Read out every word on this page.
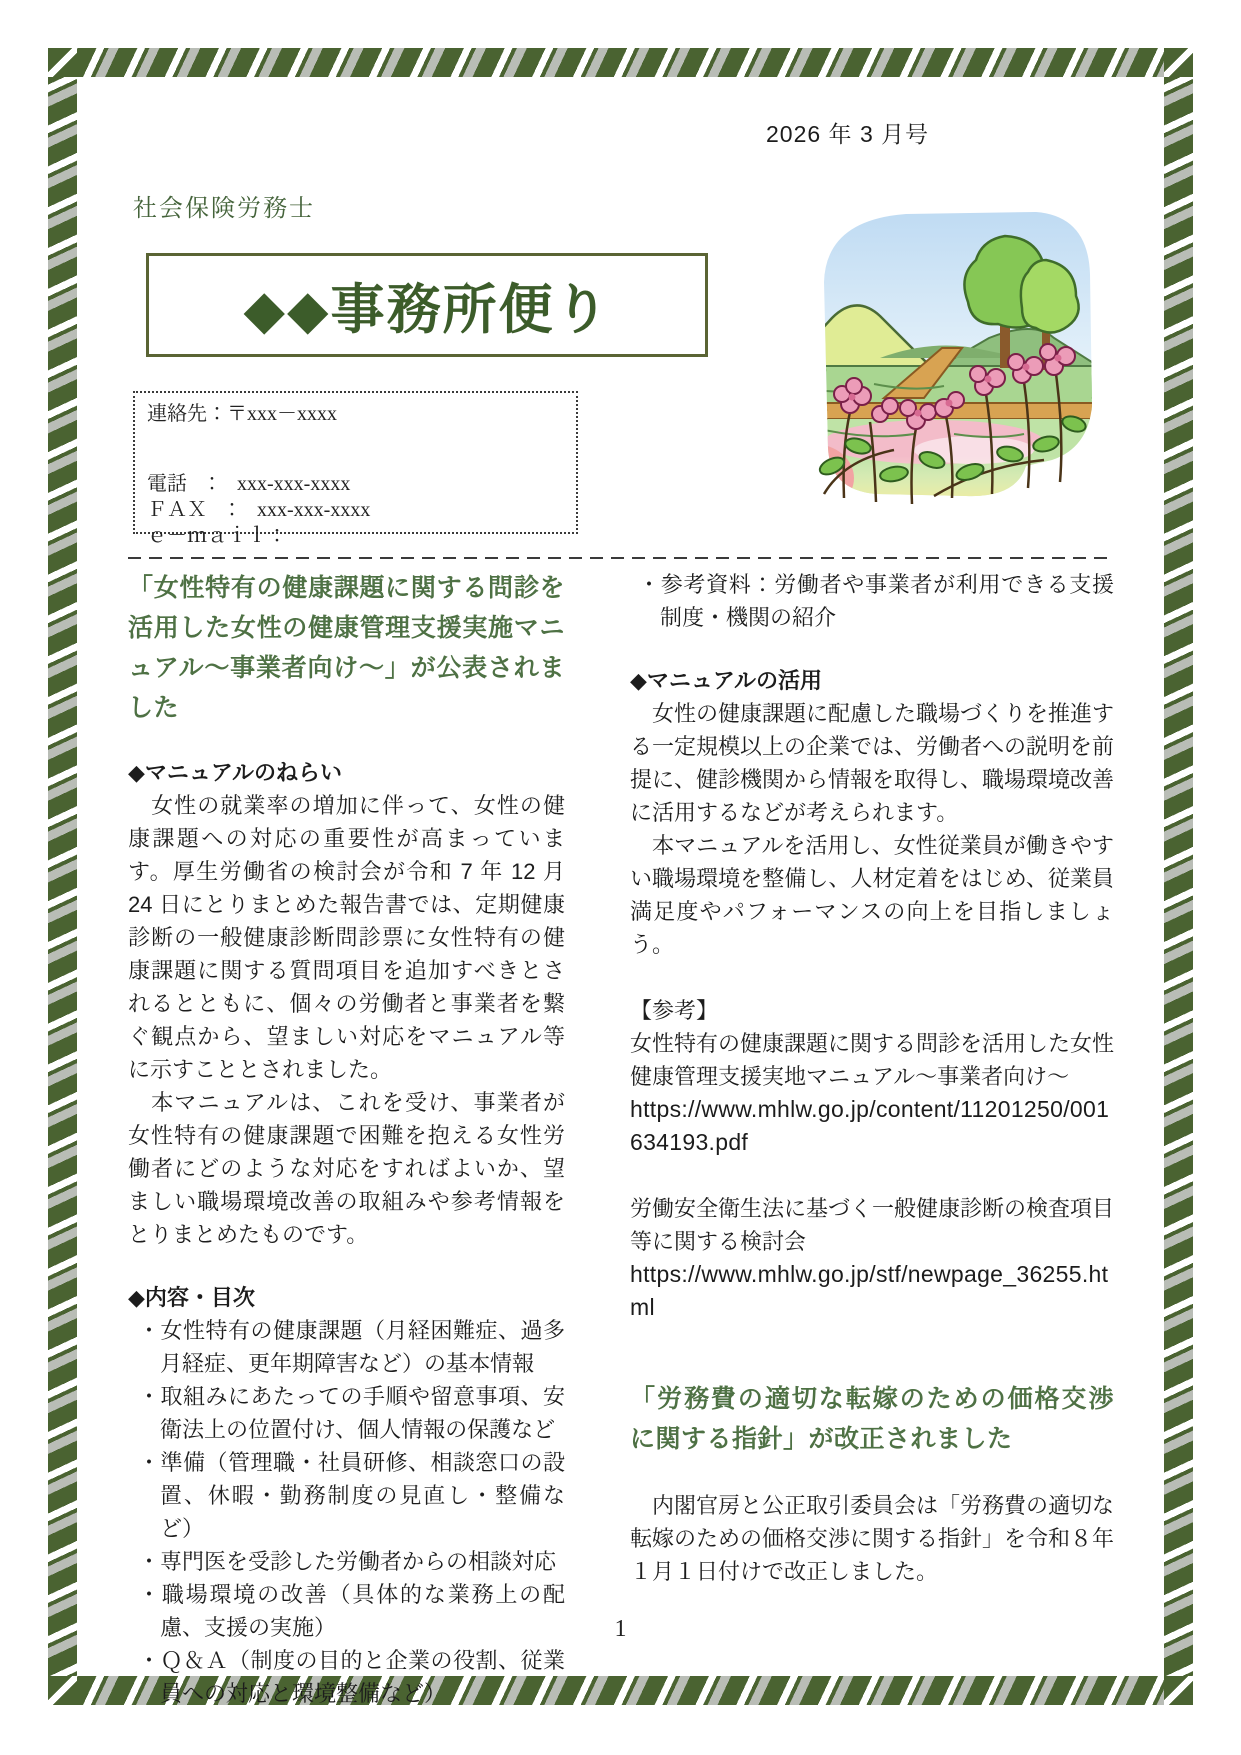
2026 年 3 月号
社会保険労務士
◆◆事務所便り
連絡先：〒xxx－xxxx
電話　：　xxx-xxx-xxxx
ＦＡＸ　：　xxx-xxx-xxxx
ｅ－ｍａｉｌ：
「女性特有の健康課題に関する問診を活用した女性の健康管理支援実施マニュアル～事業者向け～」が公表されました
◆マニュアルのねらい

　女性の就業率の増加に伴って、女性の健康課題への対応の重要性が高まっています。厚生労働省の検討会が令和 7 年 12 月 24 日にとりまとめた報告書では、定期健康診断の一般健康診断問診票に女性特有の健康課題に関する質問項目を追加すべきとされるとともに、個々の労働者と事業者を繋ぐ観点から、望ましい対応をマニュアル等に示すこととされました。

　本マニュアルは、これを受け、事業者が女性特有の健康課題で困難を抱える女性労働者にどのような対応をすればよいか、望ましい職場環境改善の取組みや参考情報をとりまとめたものです。

◆内容・目次
・女性特有の健康課題（月経困難症、過多月経症、更年期障害など）の基本情報
・取組みにあたっての手順や留意事項、安衛法上の位置付け、個人情報の保護など
・準備（管理職・社員研修、相談窓口の設置、休暇・勤務制度の見直し・整備など）
・専門医を受診した労働者からの相談対応
・職場環境の改善（具体的な業務上の配慮、支援の実施）
・Ｑ＆Ａ（制度の目的と企業の役割、従業員への対応と環境整備など）
・参考資料：労働者や事業者が利用できる支援制度・機関の紹介
◆マニュアルの活用

　女性の健康課題に配慮した職場づくりを推進する一定規模以上の企業では、労働者への説明を前提に、健診機関から情報を取得し、職場環境改善に活用するなどが考えられます。

　本マニュアルを活用し、女性従業員が働きやすい職場環境を整備し、人材定着をはじめ、従業員満足度やパフォーマンスの向上を目指しましょう。

【参考】
女性特有の健康課題に関する問診を活用した女性健康管理支援実地マニュアル～事業者向け～
https://www.mhlw.go.jp/content/11201250/001634193.pdf
労働安全衛生法に基づく一般健康診断の検査項目等に関する検討会
https://www.mhlw.go.jp/stf/newpage_36255.html
「労務費の適切な転嫁のための価格交渉に関する指針」が改正されました

　内閣官房と公正取引委員会は「労務費の適切な転嫁のための価格交渉に関する指針」を令和８年１月１日付けで改正しました。

1
